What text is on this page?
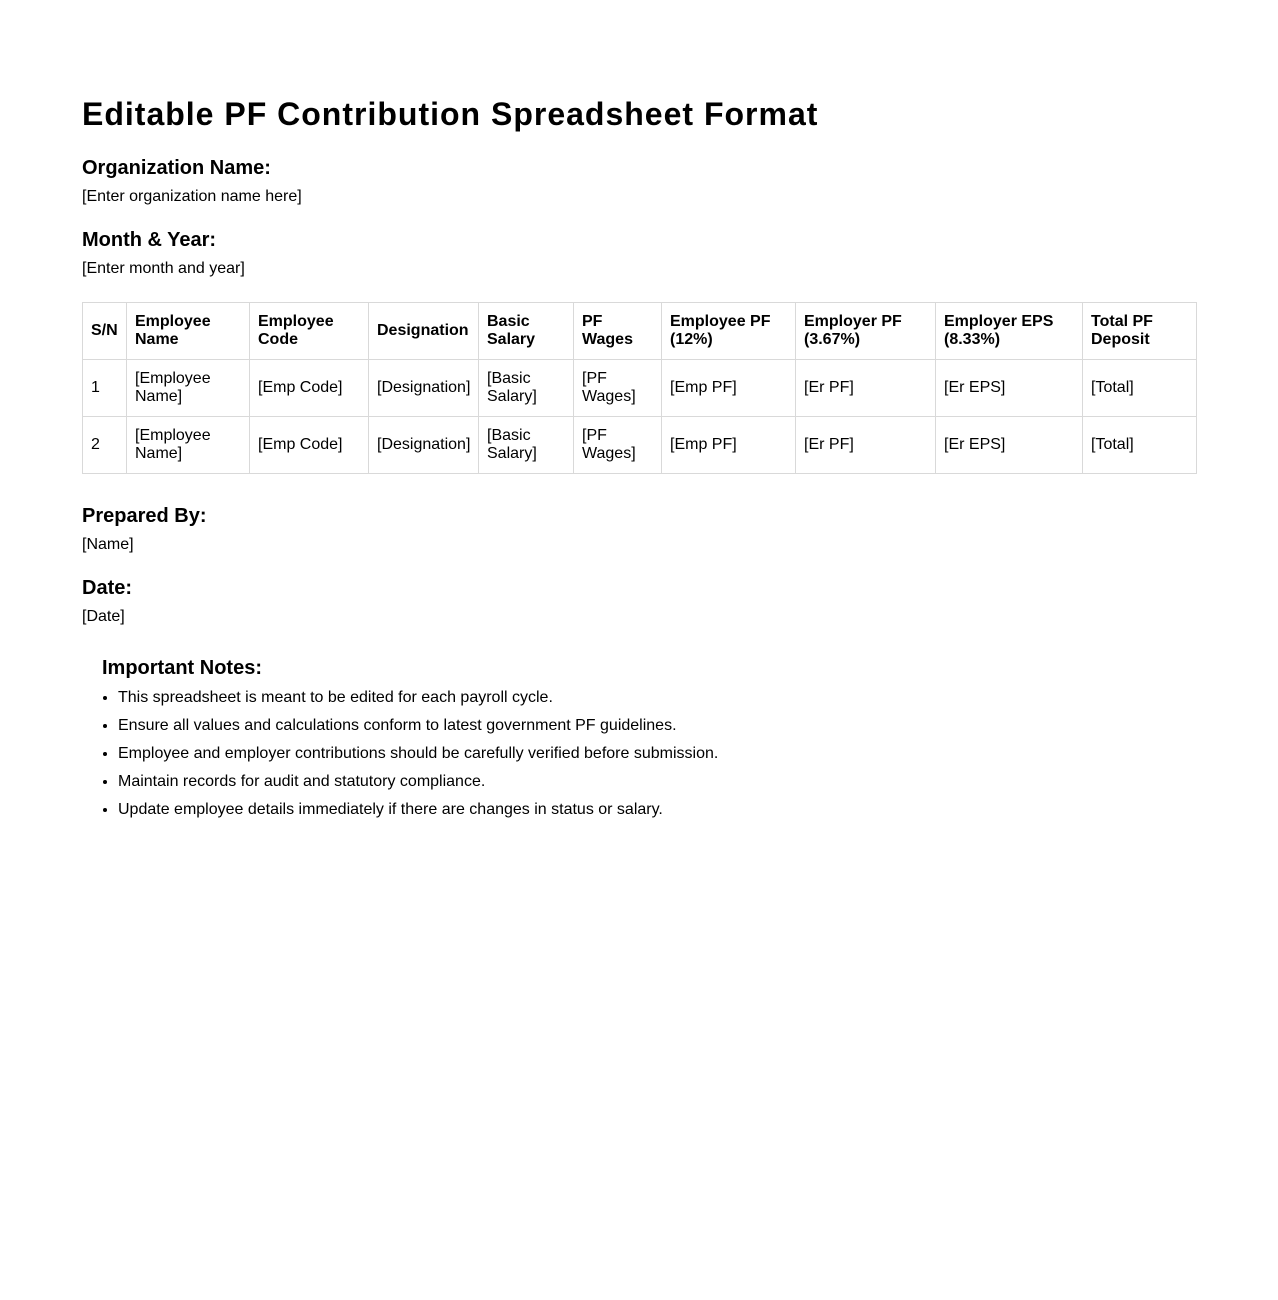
Editable PF Contribution Spreadsheet Format
Organization Name:

[Enter organization name here]

Month & Year:

[Enter month and year]

S/N	Employee Name	Employee Code	Designation	Basic Salary	PF Wages	Employee PF (12%)	Employer PF (3.67%)	Employer EPS (8.33%)	Total PF Deposit
1	[Employee Name]	[Emp Code]	[Designation]	[Basic Salary]	[PF Wages]	[Emp PF]	[Er PF]	[Er EPS]	[Total]
2	[Employee Name]	[Emp Code]	[Designation]	[Basic Salary]	[PF Wages]	[Emp PF]	[Er PF]	[Er EPS]	[Total]
Prepared By:

[Name]

Date:

[Date]

Important Notes:
• This spreadsheet is meant to be edited for each payroll cycle.
• Ensure all values and calculations conform to latest government PF guidelines.
• Employee and employer contributions should be carefully verified before submission.
• Maintain records for audit and statutory compliance.
• Update employee details immediately if there are changes in status or salary.
